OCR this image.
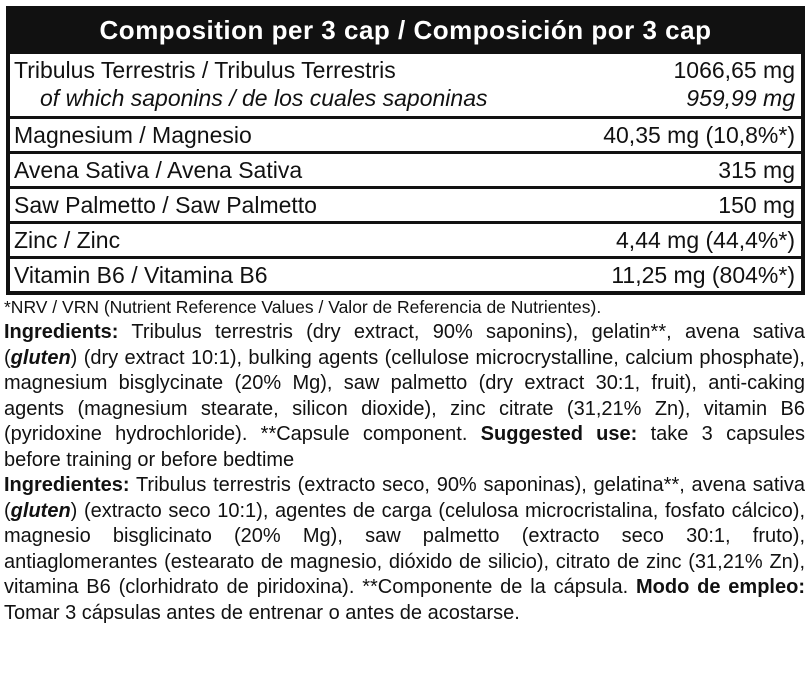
Composition per 3 cap / Composición por 3 cap
Tribulus Terrestris / Tribulus Terrestris	1066,65 mg
of which saponins / de los cuales saponinas	959,99 mg
Magnesium / Magnesio	40,35 mg (10,8%*)
Avena Sativa / Avena Sativa	315 mg
Saw Palmetto / Saw Palmetto	150 mg
Zinc / Zinc	4,44 mg (44,4%*)
Vitamin B6 / Vitamina B6	11,25 mg (804%*)

*NRV / VRN (Nutrient Reference Values / Valor de Referencia de Nutrientes).

Ingredients: Tribulus terrestris (dry extract, 90% saponins), gelatin**, avena sativa (gluten) (dry extract 10:1), bulking agents (cellulose microcrystalline, calcium phosphate), magnesium bisglycinate (20% Mg), saw palmetto (dry extract 30:1, fruit), anti-caking agents (magnesium stearate, silicon dioxide), zinc citrate (31,21% Zn), vitamin B6 (pyridoxine hydrochloride). **Capsule component. Suggested use: take 3 capsules before training or before bedtime

Ingredientes: Tribulus terrestris (extracto seco, 90% saponinas), gelatina**, avena sativa (gluten) (extracto seco 10:1), agentes de carga (celulosa microcristalina, fosfato cálcico), magnesio bisglicinato (20% Mg), saw palmetto (extracto seco 30:1, fruto), antiaglomerantes (estearato de magnesio, dióxido de silicio), citrato de zinc (31,21% Zn), vitamina B6 (clorhidrato de piridoxina). **Componente de la cápsula. Modo de empleo: Tomar 3 cápsulas antes de entrenar o antes de acostarse.
